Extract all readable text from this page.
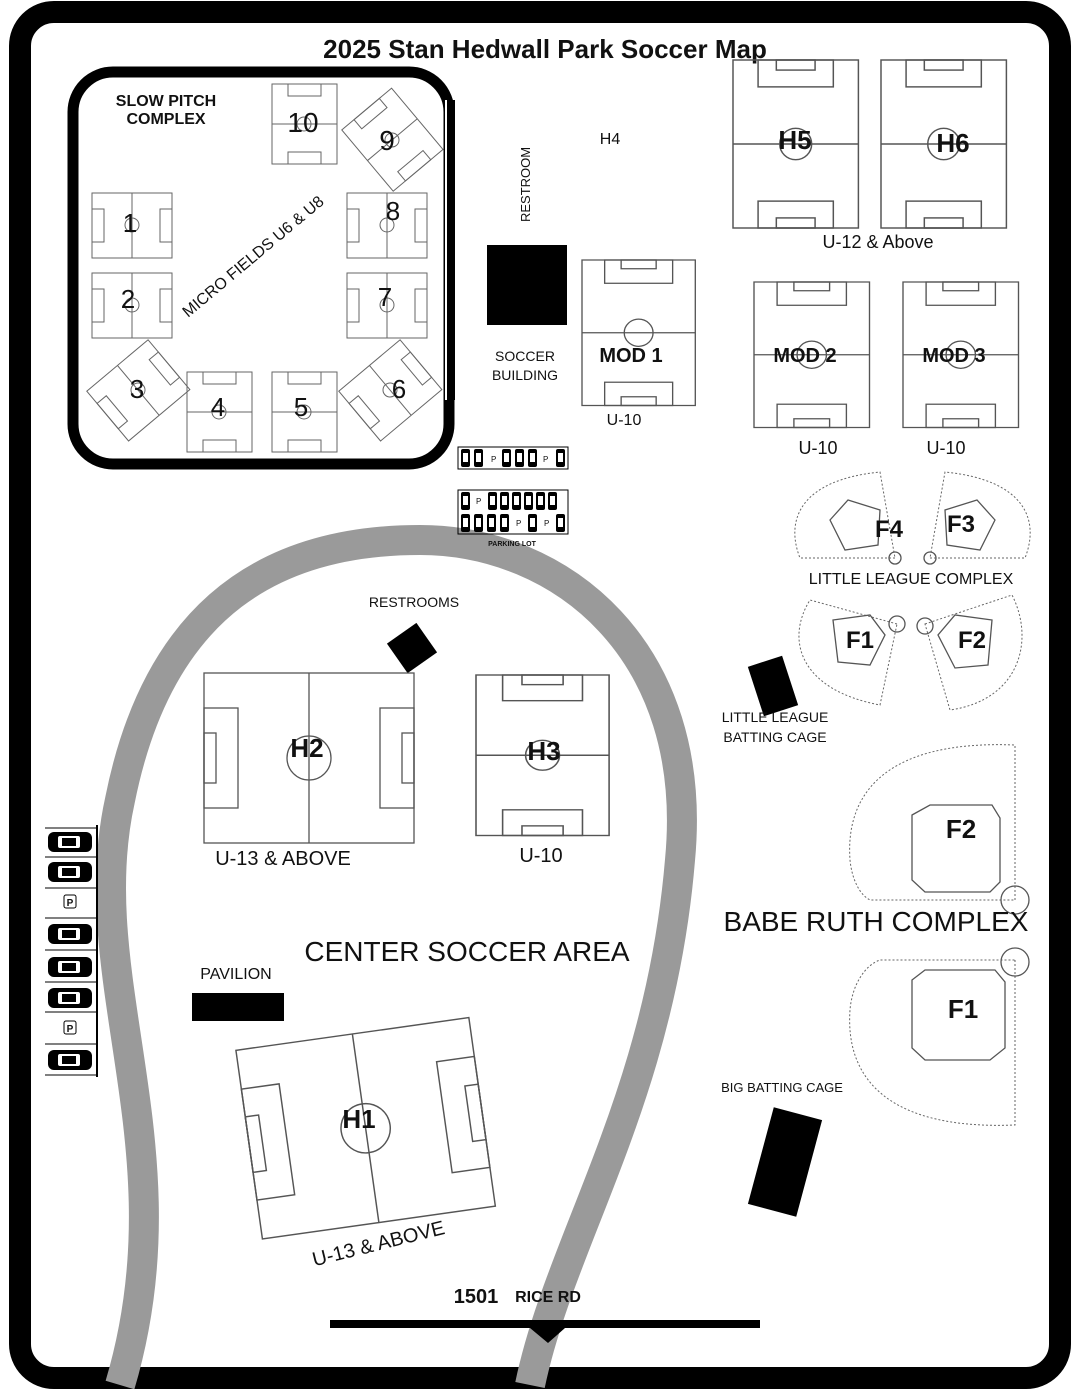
2025 Stan Hedwall Park Soccer Map
SLOW PITCH
COMPLEX	10
9
1	8
2	7
3
4	5
6
MICRO FIELDS U6 & U8
RESTROOM
SOCCER
BUILDING
H4	H5	H6
U-12 & Above
MOD 1
U-10
MOD 2
U-10
MOD 3
U-10
P	P
P
P	P
PARKING LOT
RESTROOMS
F4 F3
LITTLE LEAGUE COMPLEX
F1	F2
LITTLE LEAGUE
BATTING CAGE
F2
BABE RUTH COMPLEX
F1
BIG BATTING CAGE
H2
U-13 & ABOVE
H3
U-10
P
P
CENTER SOCCER AREA
PAVILION
H1
U-13 & ABOVE
1501 RICE RD
